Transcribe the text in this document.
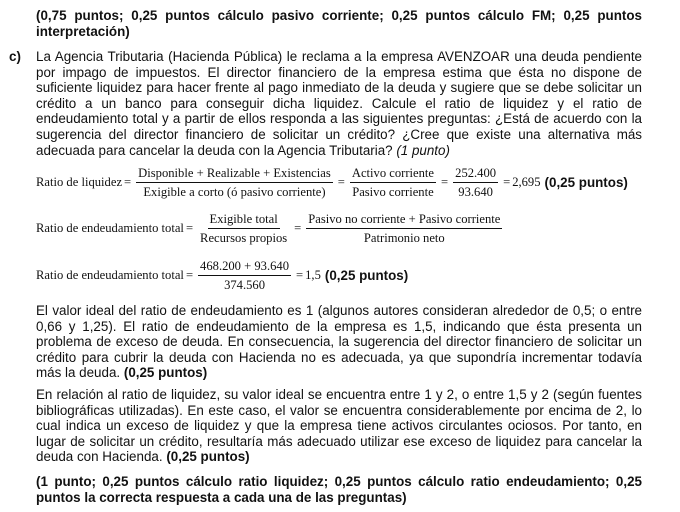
(0,75 puntos; 0,25 puntos cálculo pasivo corriente; 0,25 puntos cálculo FM; 0,25 puntos interpretación)
c) La Agencia Tributaria (Hacienda Pública) le reclama a la empresa AVENZOAR una deuda pendiente por impago de impuestos. El director financiero de la empresa estima que ésta no dispone de suficiente liquidez para hacer frente al pago inmediato de la deuda y sugiere que se debe solicitar un crédito a un banco para conseguir dicha liquidez. Calcule el ratio de liquidez y el ratio de endeudamiento total y a partir de ellos responda a las siguientes preguntas: ¿Está de acuerdo con la sugerencia del director financiero de solicitar un crédito? ¿Cree que existe una alternativa más adecuada para cancelar la deuda con la Agencia Tributaria? (1 punto)
Ratio de liquidez = $\frac{\text{Disponible + Realizable + Existencias}}{\text{Exigible a corto (ó pasivo corriente)}} = \frac{\text{Activo corriente}}{\text{Pasivo corriente}} = \frac{252.400}{93.640} = 2,695$ (0,25 puntos)
Ratio de endeudamiento total = $\frac{\text{Exigible total}}{\text{Recursos propios}} = \frac{\text{Pasivo no corriente + Pasivo corriente}}{\text{Patrimonio neto}}$
Ratio de endeudamiento total = $\frac{468.200 + 93.640}{374.560} = 1,5$ (0,25 puntos)
El valor ideal del ratio de endeudamiento es 1 (algunos autores consideran alrededor de 0,5; o entre 0,66 y 1,25). El ratio de endeudamiento de la empresa es 1,5, indicando que ésta presenta un problema de exceso de deuda. En consecuencia, la sugerencia del director financiero de solicitar un crédito para cubrir la deuda con Hacienda no es adecuada, ya que supondría incrementar todavía más la deuda. (0,25 puntos)
En relación al ratio de liquidez, su valor ideal se encuentra entre 1 y 2, o entre 1,5 y 2 (según fuentes bibliográficas utilizadas). En este caso, el valor se encuentra considerablemente por encima de 2, lo cual indica un exceso de liquidez y que la empresa tiene activos circulantes ociosos. Por tanto, en lugar de solicitar un crédito, resultaría más adecuado utilizar ese exceso de liquidez para cancelar la deuda con Hacienda. (0,25 puntos)
(1 punto; 0,25 puntos cálculo ratio liquidez; 0,25 puntos cálculo ratio endeudamiento; 0,25 puntos la correcta respuesta a cada una de las preguntas)
